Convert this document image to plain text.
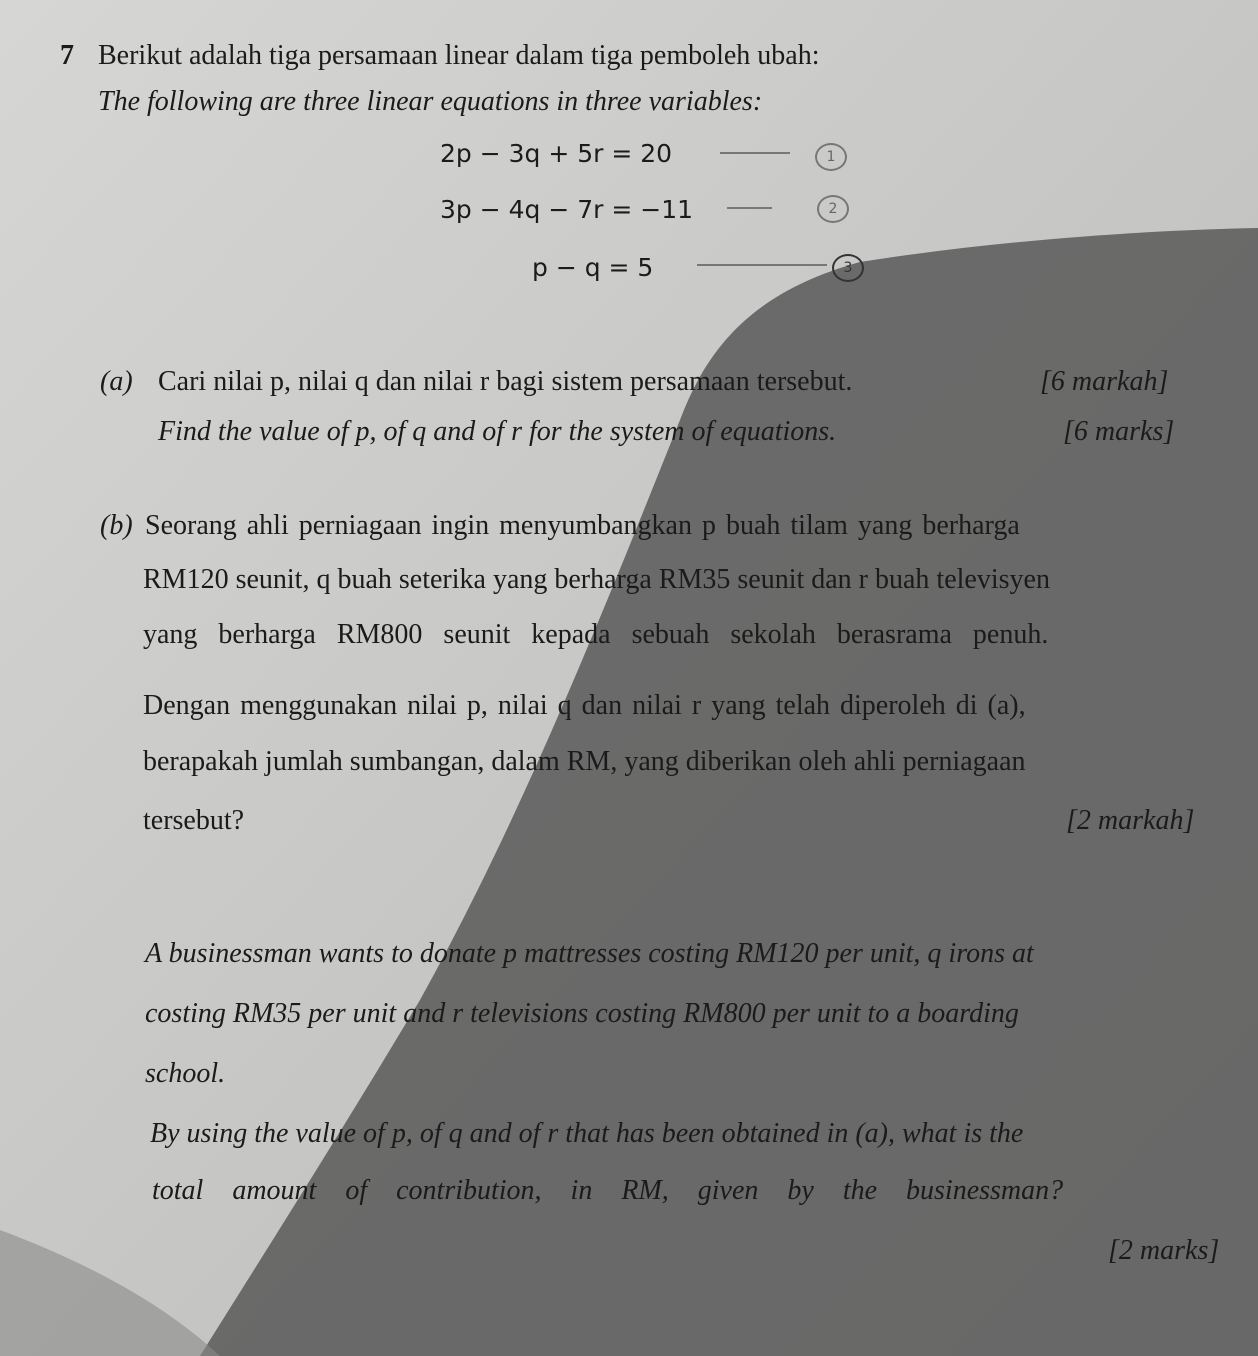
7 Berikut adalah tiga persamaan linear dalam tiga pemboleh ubah:
The following are three linear equations in three variables:
2p − 3q + 5r = 20	1
3p − 4q − 7r = −11	2
p − q = 5	3
(a) Cari nilai p, nilai q dan nilai r bagi sistem persamaan tersebut.	[6 markah]
Find the value of p, of q and of r for the system of equations.	[6 marks]
(b) Seorang ahli perniagaan ingin menyumbangkan p buah tilam yang berharga
RM120 seunit, q buah seterika yang berharga RM35 seunit dan r buah televisyen
yang berharga RM800 seunit kepada sebuah sekolah berasrama penuh.
Dengan menggunakan nilai p, nilai q dan nilai r yang telah diperoleh di (a),
berapakah jumlah sumbangan, dalam RM, yang diberikan oleh ahli perniagaan
tersebut?	[2 markah]
A businessman wants to donate p mattresses costing RM120 per unit, q irons at
costing RM35 per unit and r televisions costing RM800 per unit to a boarding
school.
By using the value of p, of q and of r that has been obtained in (a), what is the
total amount of contribution, in RM, given by the businessman?
[2 marks]
